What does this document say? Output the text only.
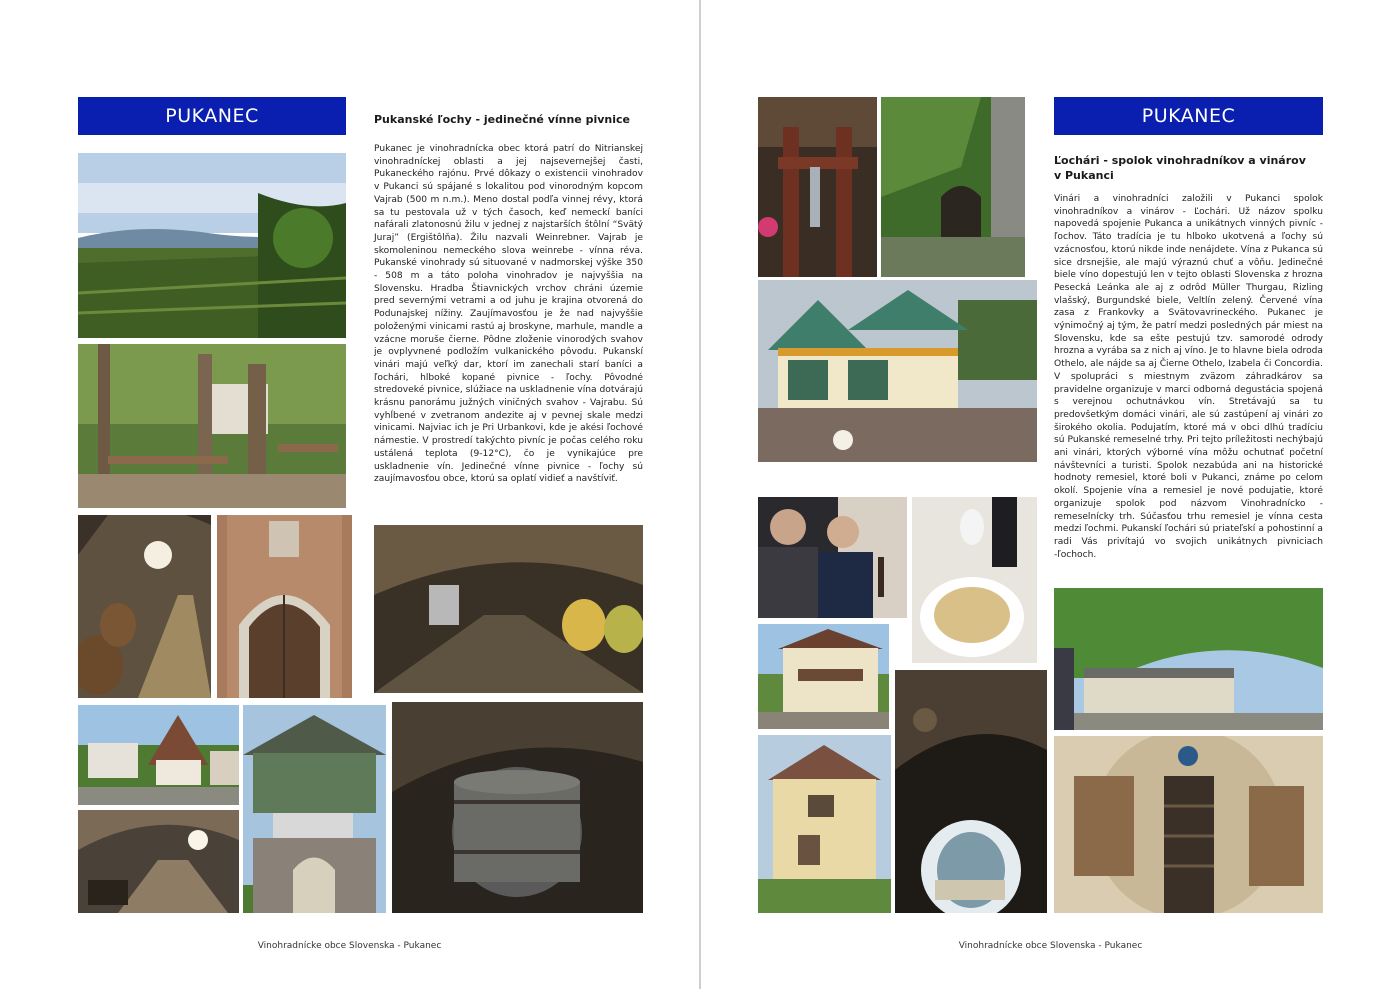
PUKANEC	Pukanské ľochy - jedinečné vínne pivnice
Pukanec je vinohradnícka obec ktorá patrí do Nitrianskej vinohradníckej oblasti a jej najsevernejšej časti, Pukaneckého rajónu. Prvé dôkazy o existencii vinohradov v Pukanci sú spájané s lokalitou pod vinorodným kopcom Vajrab (500 m n.m.). Meno dostal podľa vinnej révy, ktorá sa tu pestovala už v tých časoch, keď nemeckí baníci nafárali zlatonosnú žilu v jednej z najstarších štôlní “Svätý Juraj” (Ergištôlňa). Žilu nazvali Weinrebner. Vajrab je skomoleninou nemeckého slova weinrebe - vínna réva. Pukanské vinohrady sú situované v nadmorskej výške 350 - 508 m a táto poloha vinohradov je najvyššia na Slovensku. Hradba Štiavnických vrchov chráni územie pred severnými vetrami a od juhu je krajina otvorená do Podunajskej nížiny. Zaujímavosťou je že nad najvyššie položenými vinicami rastú aj broskyne, marhule, mandle a vzácne moruše čierne. Pôdne zloženie vinorodých svahov je ovplyvnené podložím vulkanického pôvodu. Pukanskí vinári majú veľký dar, ktorí im zanechali starí baníci a ľochári, hlboké kopané pivnice - ľochy. Pôvodné stredoveké pivnice, slúžiace na uskladnenie vína dotvárajú krásnu panorámu južných viničných svahov - Vajrabu. Sú vyhĺbené v zvetranom andezite aj v pevnej skale medzi vinicami. Najviac ich je Pri Urbankovi, kde je akési ľochové námestie. V prostredí takýchto pivníc je počas celého roku ustálená teplota (9-12°C), čo je vynikajúce pre uskladnenie vín. Jedinečné vínne pivnice - ľochy sú zaujímavosťou obce, ktorú sa oplatí vidieť a navštíviť.
Vinohradnícke obce Slovenska - Pukanec
PUKANEC
Ľochári - spolok vinohradníkov a vinárov
v Pukanci
Vinári a vinohradníci založili v Pukanci spolok vinohradníkov a vinárov - Ľochári. Už názov spolku napovedá spojenie Pukanca a unikátnych vinných pivníc - ľochov. Táto tradícia je tu hlboko ukotvená a ľochy sú vzácnosťou, ktorú nikde inde nenájdete. Vína z Pukanca sú sice drsnejšie, ale majú výraznú chuť a vôňu. Jedinečné biele víno dopestujú len v tejto oblasti Slovenska z hrozna Pesecká Leánka ale aj z odrôd Müller Thurgau, Rizling vlašský, Burgundské biele, Veltlín zelený. Červené vína zasa z Frankovky a Svätovavrineckého. Pukanec je výnimočný aj tým, že patrí medzi posledných pár miest na Slovensku, kde sa ešte pestujú tzv. samorodé odrody hrozna a vyrába sa z nich aj víno. Je to hlavne biela odroda Othelo, ale nájde sa aj Čierne Othelo, Izabela či Concordia. V spolupráci s miestnym zväzom záhradkárov sa pravidelne organizuje v marci odborná degustácia spojená s verejnou ochutnávkou vín. Stretávajú sa tu predovšetkým domáci vinári, ale sú zastúpení aj vinári zo širokého okolia. Podujatím, ktoré má v obci dlhú tradíciu sú Pukanské remeselné trhy. Pri tejto príležitosti nechýbajú ani vinári, ktorých výborné vína môžu ochutnať početní návštevníci a turisti. Spolok nezabúda ani na historické hodnoty remesiel, ktoré boli v Pukanci, známe po celom okolí. Spojenie vína a remesiel je nové podujatie, ktoré organizuje spolok pod názvom Vinohradnícko - remeselnícky trh. Súčasťou trhu remesiel je vínna cesta medzi ľochmi. Pukanskí ľochári sú priateľskí a pohostinní a radi Vás privítajú vo svojich unikátnych pivniciach -ľochoch.
Vinohradnícke obce Slovenska - Pukanec
